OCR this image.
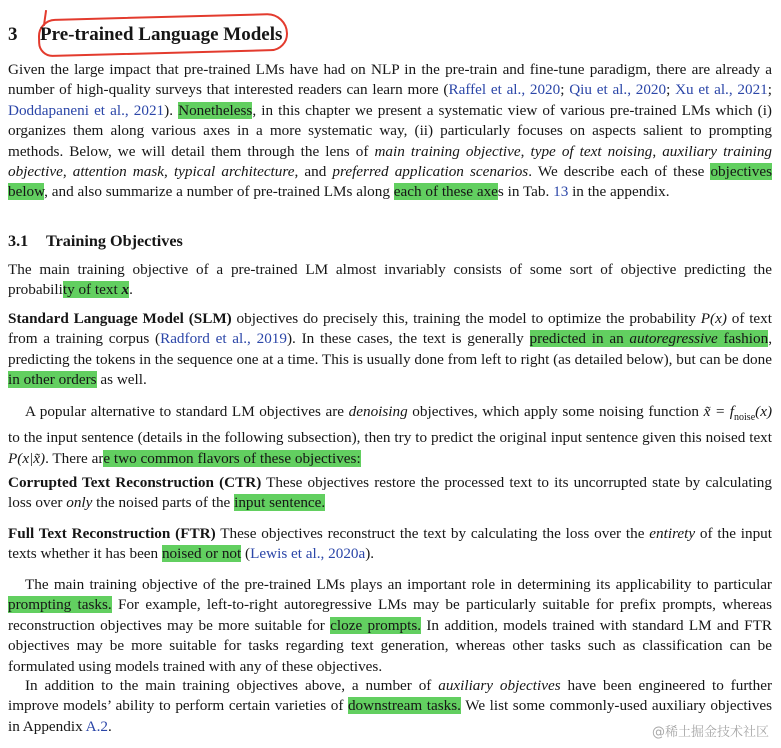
3 Pre-trained Language Models

Given the large impact that pre-trained LMs have had on NLP in the pre-train and fine-tune paradigm, there are already a number of high-quality surveys that interested readers can learn more (Raffel et al., 2020; Qiu et al., 2020; Xu et al., 2021; Doddapaneni et al., 2021). Nonetheless, in this chapter we present a systematic view of various pre-trained LMs which (i) organizes them along various axes in a more systematic way, (ii) particularly focuses on aspects salient to prompting methods. Below, we will detail them through the lens of main training objective, type of text noising, auxiliary training objective, attention mask, typical architecture, and preferred application scenarios. We describe each of these objectives below, and also summarize a number of pre-trained LMs along each of these axes in Tab. 13 in the appendix.

3.1 Training Objectives

The main training objective of a pre-trained LM almost invariably consists of some sort of objective predicting the probability of text x.

Standard Language Model (SLM) objectives do precisely this, training the model to optimize the probability P(x) of text from a training corpus (Radford et al., 2019). In these cases, the text is generally predicted in an autoregressive fashion, predicting the tokens in the sequence one at a time. This is usually done from left to right (as detailed below), but can be done in other orders as well.

A popular alternative to standard LM objectives are denoising objectives, which apply some noising function x̃ = $f_{noise}(x)$ to the input sentence (details in the following subsection), then try to predict the original input sentence given this noised text P(x|x̃). There are two common flavors of these objectives:

Corrupted Text Reconstruction (CTR) These objectives restore the processed text to its uncorrupted state by calculating loss over only the noised parts of the input sentence.

Full Text Reconstruction (FTR) These objectives reconstruct the text by calculating the loss over the entirety of the input texts whether it has been noised or not (Lewis et al., 2020a).

The main training objective of the pre-trained LMs plays an important role in determining its applicability to particular prompting tasks. For example, left-to-right autoregressive LMs may be particularly suitable for prefix prompts, whereas reconstruction objectives may be more suitable for cloze prompts. In addition, models trained with standard LM and FTR objectives may be more suitable for tasks regarding text generation, whereas other tasks such as classification can be formulated using models trained with any of these objectives.

In addition to the main training objectives above, a number of auxiliary objectives have been engineered to further improve models’ ability to perform certain varieties of downstream tasks. We list some commonly-used auxiliary objectives in Appendix A.2.	@稀土掘金技术社区
